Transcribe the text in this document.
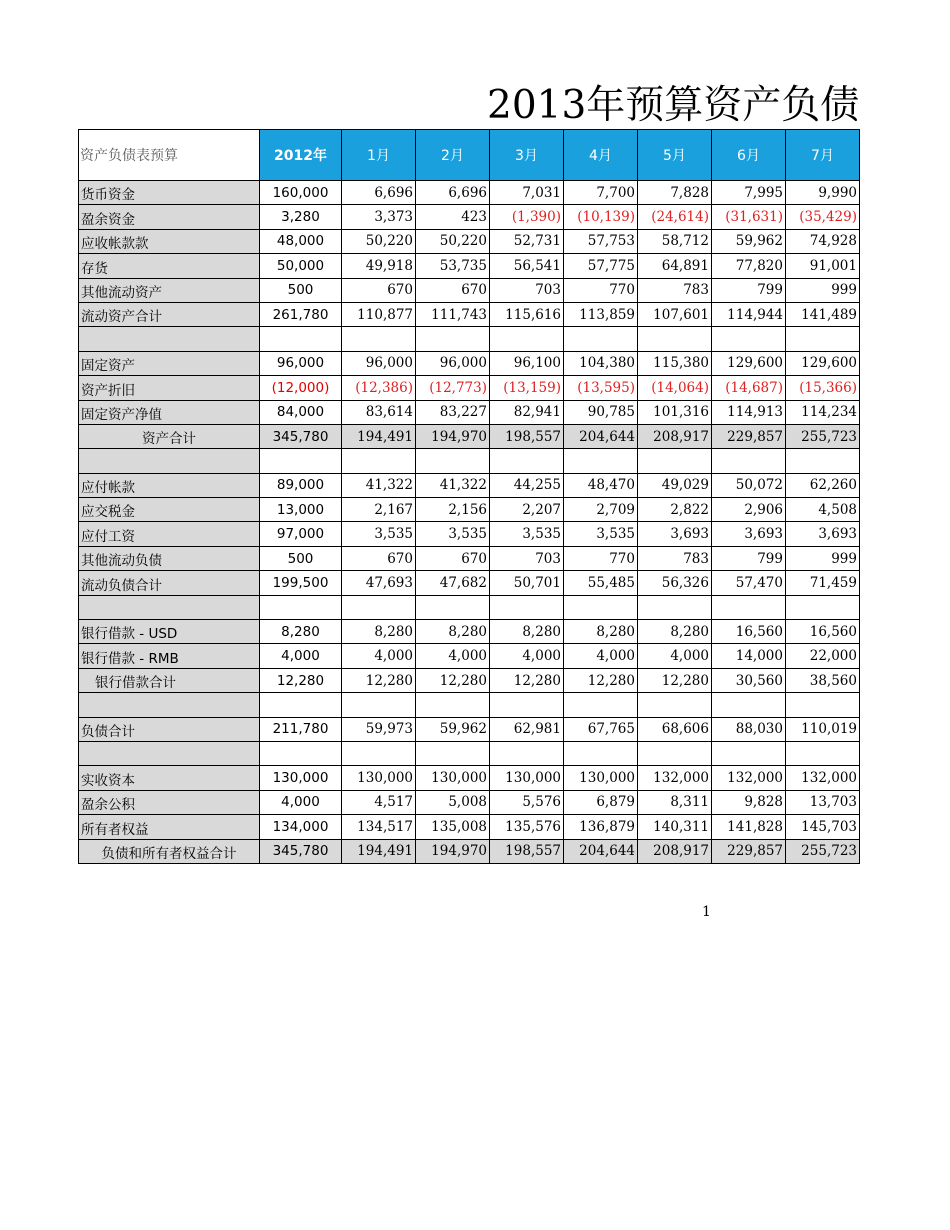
2013年预算资产负债
资产负债表预算	2012年	1月	2月	3月	4月	5月	6月	7月
货币资金	160,000	6,696	6,696	7,031	7,700	7,828	7,995	9,990
盈余资金	3,280	3,373	423	(1,390)	(10,139)	(24,614)	(31,631)	(35,429)
应收帐款款	48,000	50,220	50,220	52,731	57,753	58,712	59,962	74,928
存货	50,000	49,918	53,735	56,541	57,775	64,891	77,820	91,001
其他流动资产	500	670	670	703	770	783	799	999
流动资产合计	261,780	110,877	111,743	115,616	113,859	107,601	114,944	141,489

固定资产	96,000	96,000	96,000	96,100	104,380	115,380	129,600	129,600
资产折旧	(12,000)	(12,386)	(12,773)	(13,159)	(13,595)	(14,064)	(14,687)	(15,366)
固定资产净值	84,000	83,614	83,227	82,941	90,785	101,316	114,913	114,234
资产合计	345,780	194,491	194,970	198,557	204,644	208,917	229,857	255,723

应付帐款	89,000	41,322	41,322	44,255	48,470	49,029	50,072	62,260
应交税金	13,000	2,167	2,156	2,207	2,709	2,822	2,906	4,508
应付工资	97,000	3,535	3,535	3,535	3,535	3,693	3,693	3,693
其他流动负债	500	670	670	703	770	783	799	999
流动负债合计	199,500	47,693	47,682	50,701	55,485	56,326	57,470	71,459

银行借款 - USD	8,280	8,280	8,280	8,280	8,280	8,280	16,560	16,560
银行借款 - RMB	4,000	4,000	4,000	4,000	4,000	4,000	14,000	22,000
银行借款合计	12,280	12,280	12,280	12,280	12,280	12,280	30,560	38,560

负债合计	211,780	59,973	59,962	62,981	67,765	68,606	88,030	110,019

实收资本	130,000	130,000	130,000	130,000	130,000	132,000	132,000	132,000
盈余公积	4,000	4,517	5,008	5,576	6,879	8,311	9,828	13,703
所有者权益	134,000	134,517	135,008	135,576	136,879	140,311	141,828	145,703
负债和所有者权益合计	345,780	194,491	194,970	198,557	204,644	208,917	229,857	255,723
1
